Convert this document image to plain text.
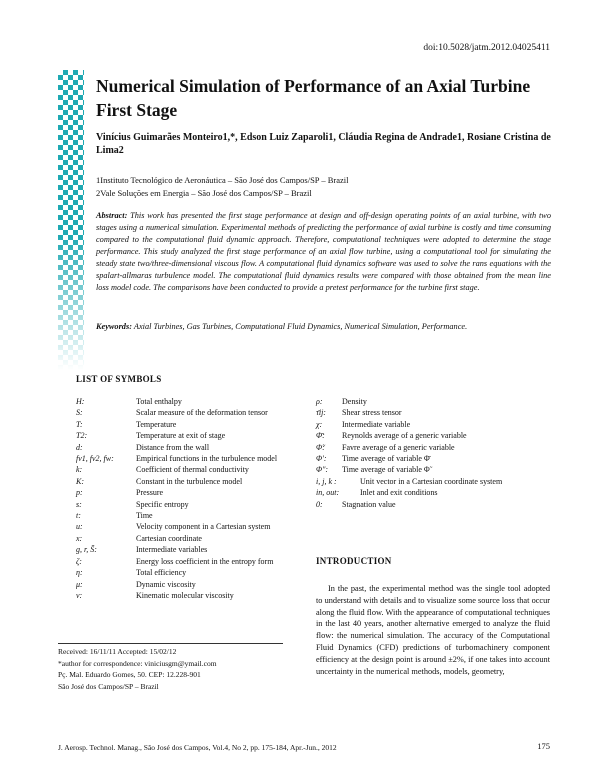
doi:10.5028/jatm.2012.04025411
Numerical Simulation of Performance of an Axial Turbine First Stage
Vinícius Guimarães Monteiro1,*, Edson Luiz Zaparoli1, Cláudia Regina de Andrade1, Rosiane Cristina de Lima2
1Instituto Tecnológico de Aeronáutica – São José dos Campos/SP – Brazil
2Vale Soluções em Energia – São José dos Campos/SP – Brazil
Abstract: This work has presented the first stage performance at design and off-design operating points of an axial turbine, with two stages using a numerical simulation. Experimental methods of predicting the performance of axial turbine is costly and time consuming compared to the computational fluid dynamic approach. Therefore, computational techniques were adopted to determine the stage performance. This study analyzed the first stage performance of an axial flow turbine, using a computational tool for simulating the steady state two/three-dimensional viscous flow. A computational fluid dynamics software was used to solve the rans equations with the spalart-allmaras turbulence model. The computational fluid dynamics results were compared with those obtained from the mean line loss model code. The comparisons have been conducted to provide a pretest performance for the turbine first stage.
Keywords: Axial Turbines, Gas Turbines, Computational Fluid Dynamics, Numerical Simulation, Performance.
LIST OF SYMBOLS
H:	Total enthalpy
S:	Scalar measure of the deformation tensor
T:	Temperature
T2:	Temperature at exit of stage
d:	Distance from the wall
fv1, fv2, fw:	Empirical functions in the turbulence model
k:	Coefficient of thermal conductivity
K:	Constant in the turbulence model
p:	Pressure
s:	Specific entropy
t:	Time
u:	Velocity component in a Cartesian system
x:	Cartesian coordinate
g, r, S̃:	Intermediate variables
ζ:	Energy loss coefficient in the entropy form
η:	Total efficiency
μ:	Dynamic viscosity
ν:	Kinematic molecular viscosity
ρ:	Density
τ̄ij:	Shear stress tensor
χ:	Intermediate variable
Φ̄:	Reynolds average of a generic variable
Φ̃:	Favre average of a generic variable
Φ′:	Time average of variable Φ̄
Φ″:	Time average of variable Φ̃
i, j, k :	Unit vector in a Cartesian coordinate system
in, out:	Inlet and exit conditions
0:	Stagnation value
INTRODUCTION
In the past, the experimental method was the single tool adopted to understand with details and to visualize some source loss that occur along the fluid flow. With the appearance of computational techniques in the last 40 years, another alternative emerged to analyze the fluid flow: the numerical simulation. The accuracy of the Computational Fluid Dynamics (CFD) predictions of turbomachinery component efficiency at the design point is around ±2%, if one takes into account uncertainty in the numerical methods, models, geometry,
Received: 16/11/11 Accepted: 15/02/12
*author for correspondence: viniciusgm@ymail.com
Pç. Mal. Eduardo Gomes, 50. CEP: 12.228-901
São José dos Campos/SP – Brazil
J. Aerosp. Technol. Manag., São José dos Campos, Vol.4, No 2, pp. 175-184, Apr.-Jun., 2012	175
